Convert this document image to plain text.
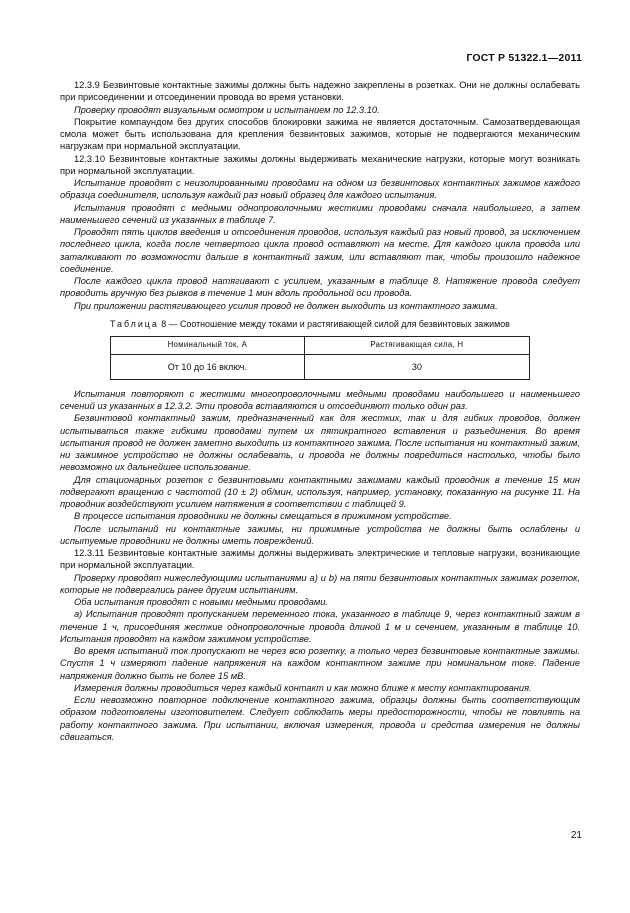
ГОСТ Р 51322.1—2011

12.3.9 Безвинтовые контактные зажимы должны быть надежно закреплены в розетках. Они не должны ослабевать при присоединении и отсоединении провода во время установки.

Проверку проводят визуальным осмотром и испытанием по 12.3.10.

Покрытие компаундом без других способов блокировки зажима не является достаточным. Самозатвердевающая смола может быть использована для крепления безвинтовых зажимов, которые не подвергаются механическим нагрузкам при нормальной эксплуатации.

12.3.10 Безвинтовые контактные зажимы должны выдерживать механические нагрузки, которые могут возникать при нормальной эксплуатации.

Испытание проводят с неизолированными проводами на одном из безвинтовых контактных зажимов каждого образца соединителя, используя каждый раз новый образец для каждого испытания.

Испытания проводят с медными однопроволочными жесткими проводами сначала наибольшего, а затем наименьшего сечений из указанных в таблице 7.

Проводят пять циклов введения и отсоединения проводов, используя каждый раз новый провод, за исключением последнего цикла, когда после четвертого цикла провод оставляют на месте. Для каждого цикла провода или заталкивают по возможности дальше в контактный зажим, или вставляют так, чтобы произошло надежное соединение.

После каждого цикла провод натягивают с усилием, указанным в таблице 8. Натяжение провода следует проводить вручную без рывков в течение 1 мин вдоль продольной оси провода.

При приложении растягивающего усилия провод не должен выходить из контактного зажима.

Таблица 8 — Соотношение между токами и растягивающей силой для безвинтовых зажимов
Номинальный ток, А	Растягивающая сила, Н
От 10 до 16 включ.	30

Испытания повторяют с жесткими многопроволочными медными проводами наибольшего и наименьшего сечений из указанных в 12.3.2. Эти провода вставляются и отсоединяют только один раз.

Безвинтовой контактный зажим, предназначенный как для жестких, так и для гибких проводов, должен испытываться также гибкими проводами путем их пятикратного вставления и разъединения. Во время испытания провод не должен заметно выходить из контактного зажима. После испытания ни контактный зажим, ни зажимное устройство не должны ослабевать, и провода не должны повредиться настолько, чтобы было невозможно их дальнейшее использование.

Для стационарных розеток с безвинтовыми контактными зажимами каждый проводник в течение 15 мин подвергают вращению с частотой (10 ± 2) об/мин, используя, например, установку, показанную на рисунке 11. На проводник воздействуют усилием натяжения в соответствии с таблицей 9.

В процессе испытания проводники не должны смещаться в прижимном устройстве.

После испытаний ни контактные зажимы, ни прижимные устройства не должны быть ослаблены и испытуемые проводники не должны иметь повреждений.

12.3.11 Безвинтовые контактные зажимы должны выдерживать электрические и тепловые нагрузки, возникающие при нормальной эксплуатации.

Проверку проводят нижеследующими испытаниями a) и b) на пяти безвинтовых контактных зажимах розеток, которые не подвергались ранее другим испытаниям.

Оба испытания проводят с новыми медными проводами.

а) Испытания проводят пропусканием переменного тока, указанного в таблице 9, через контактный зажим в течение 1 ч, присоединяя жесткие однопроволочные провода длиной 1 м и сечением, указанным в таблице 10. Испытания проводят на каждом зажимном устройстве.

Во время испытаний ток пропускают не через всю розетку, а только через безвинтовые контактные зажимы. Спустя 1 ч измеряют падение напряжения на каждом контактном зажиме при номинальном токе. Падение напряжения должно быть не более 15 мВ.

Измерения должны проводиться через каждый контакт и как можно ближе к месту контактирования.

Если невозможно повторное подключение контактного зажима, образцы должны быть соответствующим образом подготовлены изготовителем. Следует соблюдать меры предосторожности, чтобы не повлиять на работу контактного зажима. При испытании, включая измерения, провода и средства измерения не должны сдвигаться.

21
